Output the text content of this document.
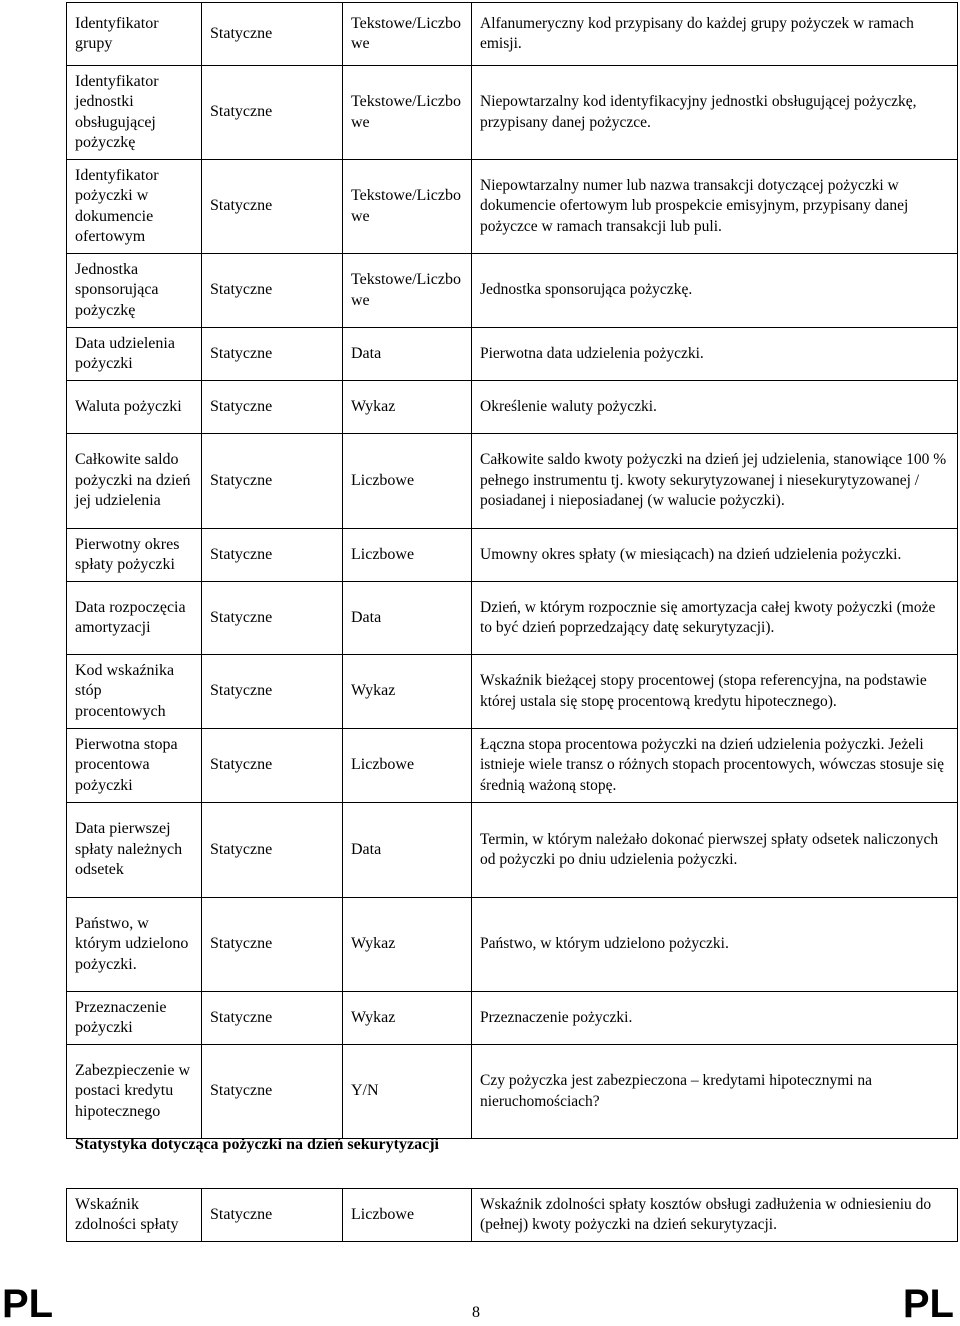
Identyfikator grupy	Statyczne	Tekstowe/Liczbowe	Alfanumeryczny kod przypisany do każdej grupy pożyczek w ramach emisji.
Identyfikator jednostki obsługującej pożyczkę	Statyczne	Tekstowe/Liczbowe	Niepowtarzalny kod identyfikacyjny jednostki obsługującej pożyczkę, przypisany danej pożyczce.
Identyfikator pożyczki w dokumencie ofertowym	Statyczne	Tekstowe/Liczbowe	Niepowtarzalny numer lub nazwa transakcji dotyczącej pożyczki w dokumencie ofertowym lub prospekcie emisyjnym, przypisany danej pożyczce w ramach transakcji lub puli.
Jednostka sponsorująca pożyczkę	Statyczne	Tekstowe/Liczbowe	Jednostka sponsorująca pożyczkę.
Data udzielenia pożyczki	Statyczne	Data	Pierwotna data udzielenia pożyczki.
Waluta pożyczki	Statyczne	Wykaz	Określenie waluty pożyczki.
Całkowite saldo pożyczki na dzień jej udzielenia	Statyczne	Liczbowe	Całkowite saldo kwoty pożyczki na dzień jej udzielenia, stanowiące 100 % pełnego instrumentu tj. kwoty sekurytyzowanej i niesekurytyzowanej / posiadanej i nieposiadanej (w walucie pożyczki).
Pierwotny okres spłaty pożyczki	Statyczne	Liczbowe	Umowny okres spłaty (w miesiącach) na dzień udzielenia pożyczki.
Data rozpoczęcia amortyzacji	Statyczne	Data	Dzień, w którym rozpocznie się amortyzacja całej kwoty pożyczki (może to być dzień poprzedzający datę sekurytyzacji).
Kod wskaźnika stóp procentowych	Statyczne	Wykaz	Wskaźnik bieżącej stopy procentowej (stopa referencyjna, na podstawie której ustala się stopę procentową kredytu hipotecznego).
Pierwotna stopa procentowa pożyczki	Statyczne	Liczbowe	Łączna stopa procentowa pożyczki na dzień udzielenia pożyczki. Jeżeli istnieje wiele transz o różnych stopach procentowych, wówczas stosuje się średnią ważoną stopę.
Data pierwszej spłaty należnych odsetek	Statyczne	Data	Termin, w którym należało dokonać pierwszej spłaty odsetek naliczonych od pożyczki po dniu udzielenia pożyczki.
Państwo, w którym udzielono pożyczki.	Statyczne	Wykaz	Państwo, w którym udzielono pożyczki.
Przeznaczenie pożyczki	Statyczne	Wykaz	Przeznaczenie pożyczki.
Zabezpieczenie w postaci kredytu hipotecznego	Statyczne	Y/N	Czy pożyczka jest zabezpieczona – kredytami hipotecznymi na nieruchomościach?
Statystyka dotycząca pożyczki na dzień sekurytyzacji
Wskaźnik zdolności spłaty	Statyczne	Liczbowe	Wskaźnik zdolności spłaty kosztów obsługi zadłużenia w odniesieniu do (pełnej) kwoty pożyczki na dzień sekurytyzacji.
PL	8	PL
